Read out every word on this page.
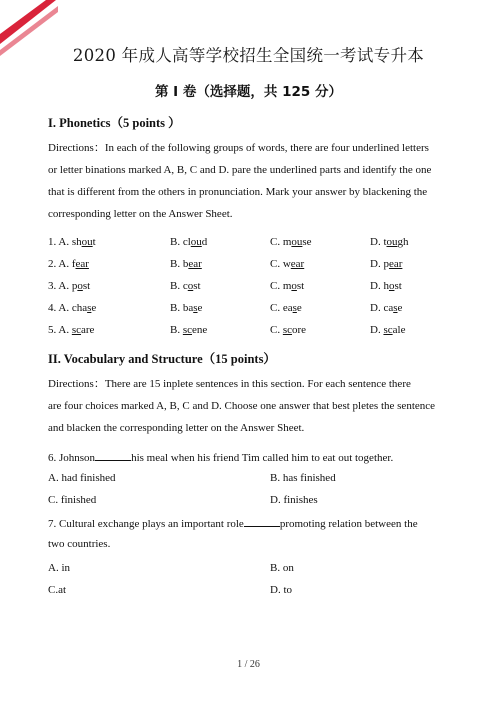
2020 年成人高等学校招生全国统一考试专升本
第 I 卷（选择题，共 125 分）
I. Phonetics（5 points ）
Directions：In each of the following groups of words, there are four underlined letters
or letter binations marked A, B, C and D. pare the underlined parts and identify the one
that is different from the others in pronunciation. Mark your answer by blackening the
corresponding letter on the Answer Sheet.
1. A. shout	B. cloud	C. mouse	D. tough
2. A. fear	B. bear	C. wear	D. pear
3. A. post	B. cost	C. most	D. host
4. A. chase	B. base	C. ease	D. case
5. A. scare	B. scene	C. score	D. scale
II. Vocabulary and Structure（15 points）
Directions：There are 15 inplete sentences in this section. For each sentence there
are four choices marked A, B, C and D. Choose one answer that best pletes the sentence
and blacken the corresponding letter on the Answer Sheet.
6. Johnson	his meal when his friend Tim called him to eat out together.
A. had finished	B. has finished
C. finished	D. finishes
7. Cultural exchange plays an important role	promoting relation between the
two countries.
A. in	B. on
C.at	D. to
1 / 26
